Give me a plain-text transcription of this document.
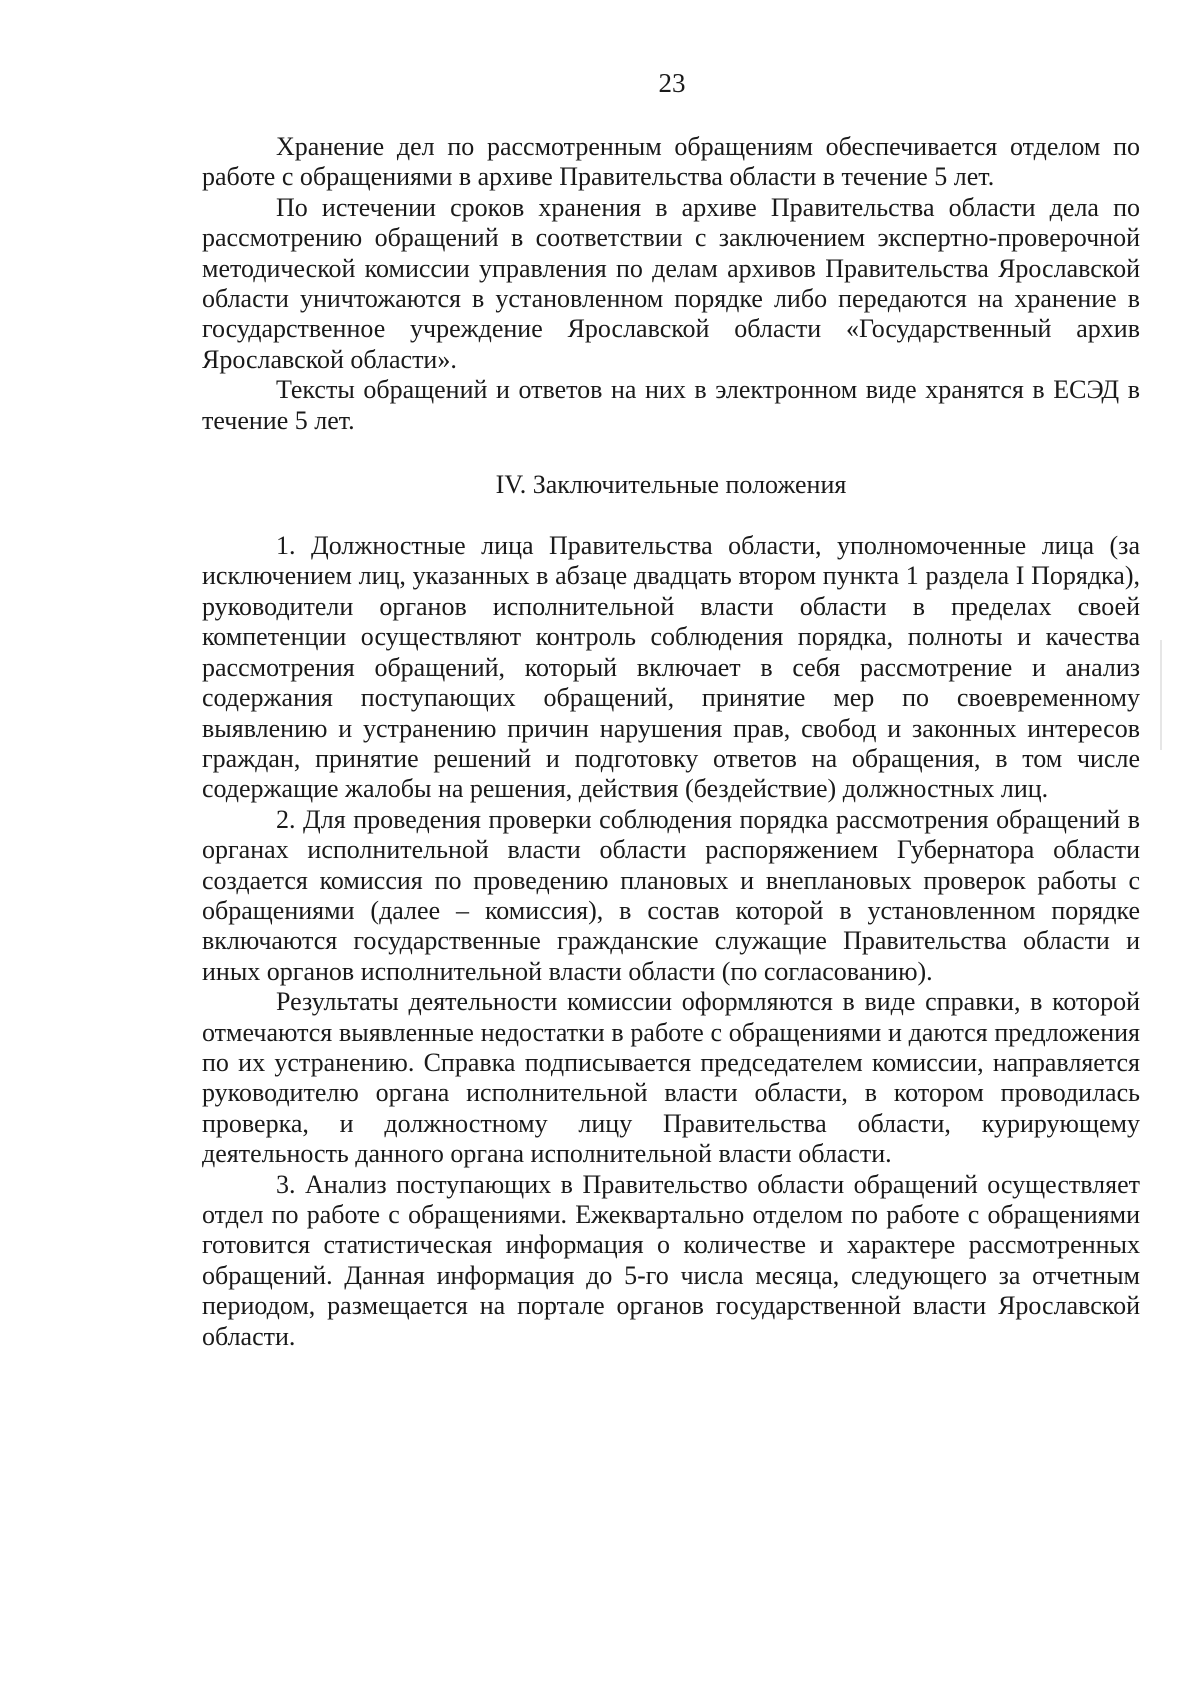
23

Хранение дел по рассмотренным обращениям обеспечивается отделом по работе с обращениями в архиве Правительства области в течение 5 лет.

По истечении сроков хранения в архиве Правительства области дела по рассмотрению обращений в соответствии с заключением экспертно-проверочной методической комиссии управления по делам архивов Правительства Ярославской области уничтожаются в установленном порядке либо передаются на хранение в государственное учреждение Ярославской области «Государственный архив Ярославской области».

Тексты обращений и ответов на них в электронном виде хранятся в ЕСЭД в течение 5 лет.

IV. Заключительные положения

1. Должностные лица Правительства области, уполномоченные лица (за исключением лиц, указанных в абзаце двадцать втором пункта 1 раздела I Порядка), руководители органов исполнительной власти области в пределах своей компетенции осуществляют контроль соблюдения порядка, полноты и качества рассмотрения обращений, который включает в себя рассмотрение и анализ содержания поступающих обращений, принятие мер по своевременному выявлению и устранению причин нарушения прав, свобод и законных интересов граждан, принятие решений и подготовку ответов на обращения, в том числе содержащие жалобы на решения, действия (бездействие) должностных лиц.

2. Для проведения проверки соблюдения порядка рассмотрения обращений в органах исполнительной власти области распоряжением Губернатора области создается комиссия по проведению плановых и внеплановых проверок работы с обращениями (далее – комиссия), в состав которой в установленном порядке включаются государственные гражданские служащие Правительства области и иных органов исполнительной власти области (по согласованию).

Результаты деятельности комиссии оформляются в виде справки, в которой отмечаются выявленные недостатки в работе с обращениями и даются предложения по их устранению. Справка подписывается председателем комиссии, направляется руководителю органа исполнительной власти области, в котором проводилась проверка, и должностному лицу Правительства области, курирующему деятельность данного органа исполнительной власти области.

3. Анализ поступающих в Правительство области обращений осуществляет отдел по работе с обращениями. Ежеквартально отделом по работе с обращениями готовится статистическая информация о количестве и характере рассмотренных обращений. Данная информация до 5-го числа месяца, следующего за отчетным периодом, размещается на портале органов государственной власти Ярославской области.
